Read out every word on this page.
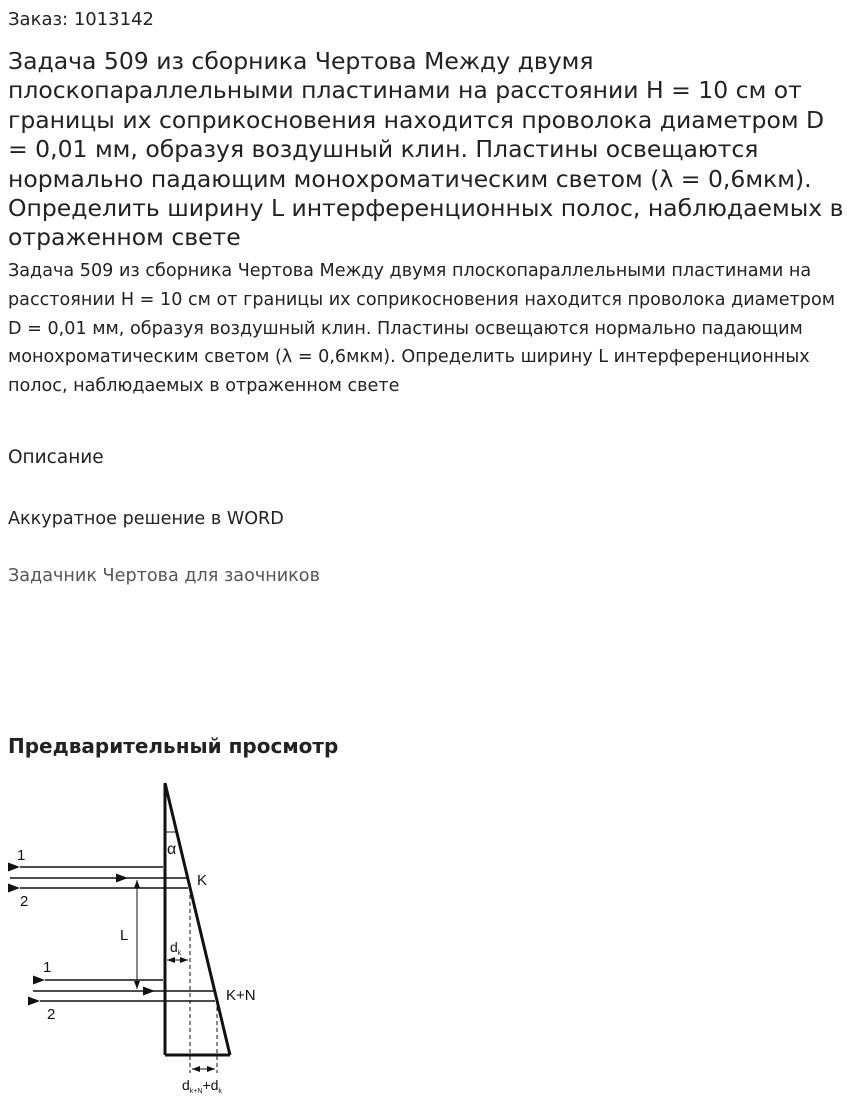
Заказ: 1013142
Задача 509 из сборника Чертова Между двумя плоскопараллельными пластинами на расстоянии H = 10 см от границы их соприкосновения находится проволока диаметром D = 0,01 мм, образуя воздушный клин. Пластины освещаются нормально падающим монохроматическим светом (λ = 0,6мкм). Определить ширину L интерференционных полос, наблюдаемых в отраженном свете

Задача 509 из сборника Чертова Между двумя плоскопараллельными пластинами на расстоянии H = 10 см от границы их соприкосновения находится проволока диаметром D = 0,01 мм, образуя воздушный клин. Пластины освещаются нормально падающим монохроматическим светом (λ = 0,6мкм). Определить ширину L интерференционных полос, наблюдаемых в отраженном свете

Описание
Аккуратное решение в WORD
Задачник Чертова для заочников
Предварительный просмотр
1
2
1
2
α
K
K+N
L
$d_k$
$d_{k+N}+d_k$
